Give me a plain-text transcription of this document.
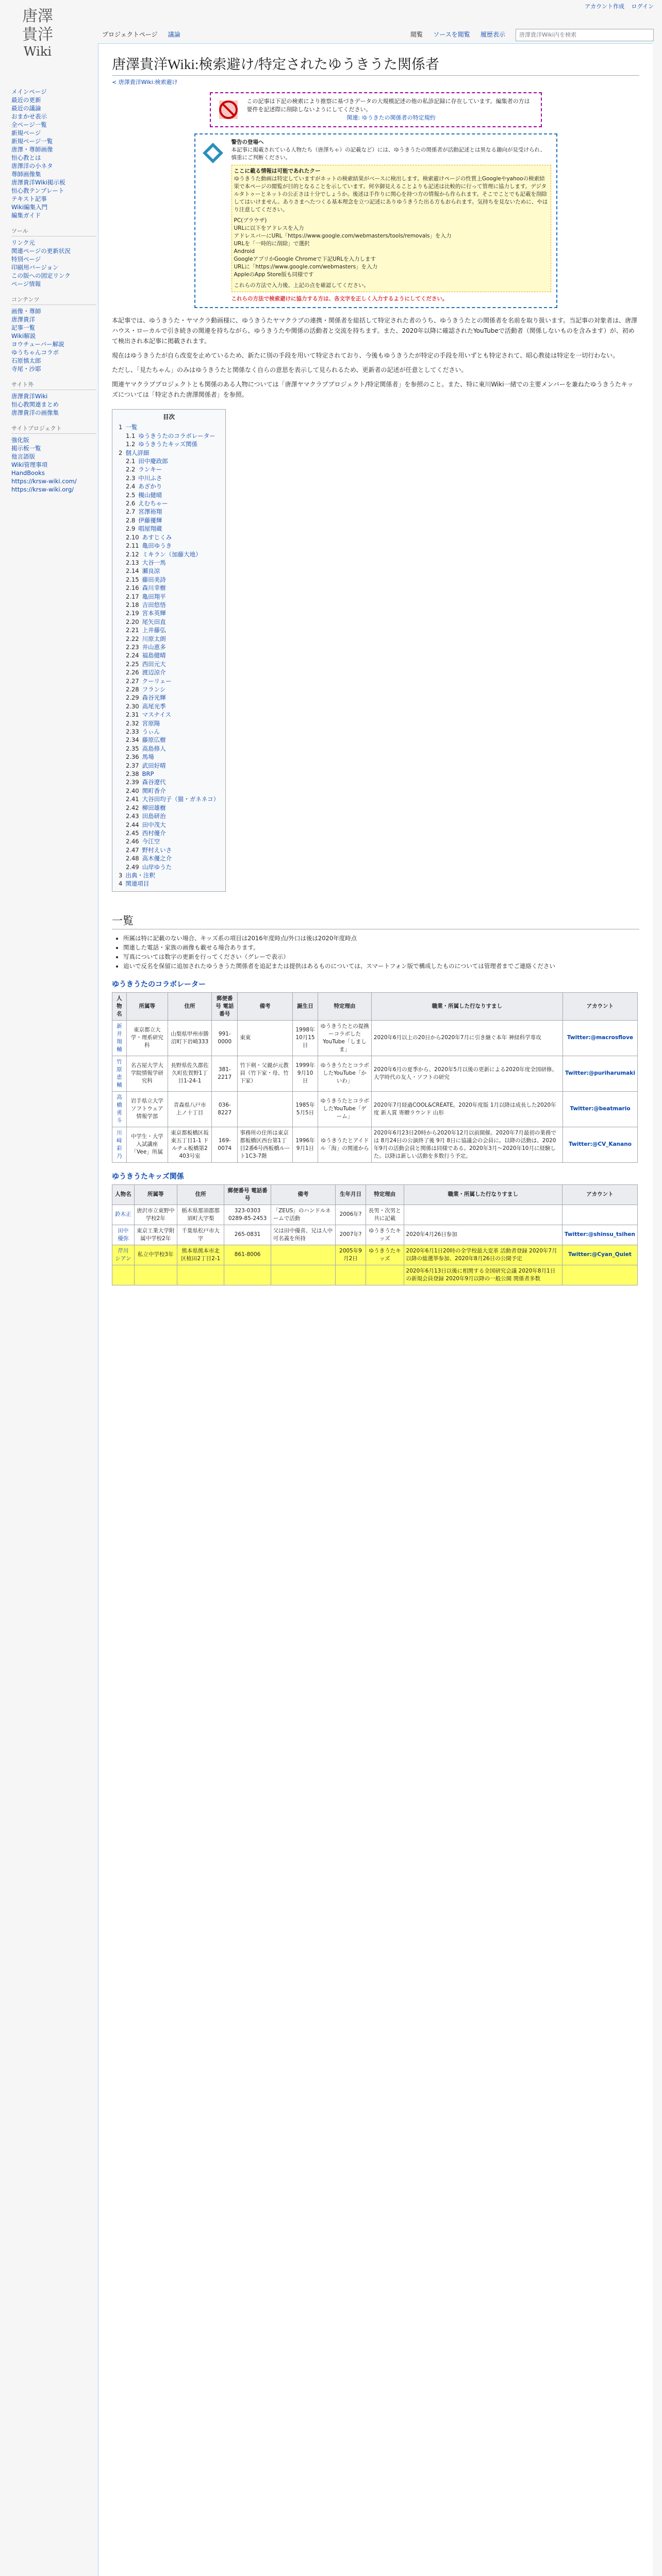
唐澤
貴洋
Wiki
アカウント作成 ログイン
プロジェクトページ 議論	閲覧 ソースを閲覧 履歴表示 唐澤貴洋Wiki内を検索
メインページ
最近の更新
最近の議論
おまかせ表示
全ページ一覧
新規ページ
新規ページ一覧
唐澤・尊師画像
恒心教とは
唐澤洋の小ネタ
尊師画像集
唐澤貴洋Wiki掲示板
恒心教テンプレート
テキスト記事
Wiki編集入門
編集ガイド
ツール
リンク元
関連ページの更新状況
特別ページ
印刷用バージョン
この版への固定リンク
ページ情報
コンテンツ
画像・尊師
唐澤貴洋
記事一覧
Wiki解説
ヨウチューバー解説
ゆうちゃんコラボ
石原慎太郎
寺尾・沙耶
サイト外
唐澤貴洋Wiki
恒心教関連まとめ
唐澤貴洋の画像集
サイトプロジェクト
強化版
掲示板一覧
他言語版
Wiki管理事項
HandBooks
https://krsw-wiki.com/
https://krsw-wiki.org/
唐澤貴洋Wiki:検索避け/特定されたゆうきうた関係者
< 唐澤貴洋Wiki:検索避け
この記事は下記の検索により推察に基づきデータの大規模記述の他の私診記録に存在しています。編集者の方は要件を記述際に削除しないようにしてください。
関連: ゆうきたの関係者の特定規約
警告の登場へ
本記事に掲載されている人物たち（唐澤ちゃ）の記載など）には、ゆうきうたの関係者が活動記述とは異なる趣向が見受けられ、慎重にご判断ください。
ここに載る情報は可能であれたクー
ゆうきうた動画は特定していますがネットの検索結果がベースに検出します。検索避けページの性質上Googleやyahooの検索結果で本ページの閲覧が目的となることを示しています。何卒御見えることよりも記述は比較的に行って管理に協力します。デジタルタトゥーとネットの公正さは十分でしょうか。後述は手作りに関心を持つ方の情報から作られます。そこでことでも記載を削除してはいけません。ありさまへたつくる基本理念を立つ記述にありゆうきうた出る方もおられます。気持ちを見ないために、やはり注意してください。
PC(ブラウザ)
URLに以下をアドレスを入力
アドレスバーにURL「https://www.google.com/webmasters/tools/removals」を入力
URLを「一時的に削除」で選択
Android
GoogleアプリかGoogle Chromeで下記URLを入力します
URLに「https://www.google.com/webmasters」を入力
AppleのApp Store版も同様です
これらの方法で入力後、上記の点を確認してください。
これらの方法で検索避けに協力する方は、各文字を正しく入力するようにしてください。

本記事では、ゆうきうた・ヤマクラ動画様に、ゆうきうたヤマクラブの連携・関係者を総括して特定された者のうち、ゆうきうたとの関係者を名前を取り扱います。当記事の対象者は、唐澤ハウス・ローカルで引き続きの関連を持ちながら、ゆうきうたや関係の活動者と交流を持ちます。また、2020年以降に確認されたYouTubeで活動者（関係しないものを含みます）が、初めて検出され本記事に掲載されます。

現在はゆうきうたが自ら改変を止めているため、新たに別の手段を用いて特定されており、今後もゆうきうたが特定の手段を用いずとも特定されて、昭心教徒は特定を一切行わない。

ただし、「見たちゃん」のみはゆうきうたと関係なく自らの意思を表示して見られるため、更新者の記述が任意としてください。

関連ヤマクラブプロジェクトとも関係のある人物については「唐澤ヤマクラブプロジェクト/特定関係者」を参照のこと。また、特に東川Wiki一緒での主要メンバーを兼ねたゆうきうたキッズについては「特定された唐澤関係者」を参照。

目次
1 一覧
1.1 ゆうきうたのコラボレーター
1.2 ゆうきうたキッズ関係
2 個人詳細
2.1 田中慶政郎
2.2 ランキー
2.3 中川ふさ
2.4 あざかり
2.5 槻山健晴
2.6 えむちゃー
2.7 宮澤裕翔
2.8 伊藤優輝
2.9 唱屋翔蔵
2.10 あすじくみ
2.11 亀田ゆうき
2.12 ミキラン（加藤大地）
2.13 大谷一馬
2.14 瀬良涼
2.15 藤田美詩
2.16 森川幸樹
2.17 亀田翔平
2.18 吉田悠悟
2.19 宮本英輝
2.20 尾矢田直
2.21 上井藤弘
2.22 川原太朗
2.23 井山恵多
2.24 福島健晴
2.25 西田元大
2.26 渡辺涼介
2.27 クーリェー
2.28 フランシ
2.29 森谷光輝
2.30 高尾光季
2.31 マスナイス
2.32 宮原陽
2.33 うぃん
2.34 藤原広樹
2.35 高島修人
2.36 馬場
2.37 武田好晴
2.38 BRP
2.39 森谷遼代
2.40 関町香介
2.41 大谷田均子（猫・ガネネコ）
2.42 柳田雄樹
2.43 田島研治
2.44 田中茂大
2.45 西村優介
2.46 今江空
2.47 野村えいさ
2.48 高木優之介
2.49 山岸ゆうた
3 出典・注釈
4 関連項目
一覧
• 所属は特に記載のない場合、キッズ系の項目は2016年度時点/外口は後は2020年度時点
• 関連した電話・家族の画像も載せる場合あります。
• 写真については数字の更新を行ってください（グレーで表示）
• 追いで反名を保留に追加されたゆうきうた関係者を追記または提供はあるものについては、スマートフォン版で構成したものについては管理者までご連絡ください
ゆうきうたのコラボレーター
人物名	所属等	住所	郵便番号 電話番号	備考	誕生日	特定理由	職業・所属した行なりすまし	アカウント
新井翔輔	東京都立大学・理系研究科	山梨県甲州市勝沼町下岩崎333	991-0000	東東	1998年10月15日	ゆうきうたとの提携ーコラボしたYouTube「しましま」	2020年6月以上の20日から2020年7月に引き継ぐ本年 神経科学専攻	Twitter:@macrosflove
竹原 恵輔	名古屋大学大学院情報学研究科	長野県佐久郡佐久町佐賀野1丁目1-24-1	381-2217	竹下剣・父親が元教員（竹下家・母、竹下家）	1999年9月10日	ゆうきうたとコラボしたYouTube「かいわ」	2020年6月の夏季から、2020年5月以後の更新による2020年度全国研修。大学時代の友人・ソフトの研究	Twitter:@puriharumaki
高橋 勇斗	岩手県立大学 ソフトウェア情報学部	青森県八戸市 上ノ十丁目	036-8227		1985年5月5日	ゆうきうたとコラボしたYouTube「ゲーム」	2020年7月経過COOL&CREATE。2020年度版 1月以降は成長した2020年度 新人賞 寄贈ラウンド 山形	Twitter:@beatmario
川﨑 彩乃	中学生・大学入試講座「Vee」所属	東京都板橋区坂東五丁目1-1 ドルチェ板橋第2 403号室	169-0074	事務所の住所は東京都板橋区西台第1丁目2番6号西板橋ルート1C3-7階	1996年9月1日	ゆうきうたとアイドル「海」の関連から	2020年6月23日20時から2020年12月以前開催。2020年7月最初の業務では 8月24日の公演終了後 9月 8日に協議会の会員に。以降の活動は、2020年9月の活動会員と関係は同様である。2020年3月〜2020年10月に経験した。以降は新しい活動を多数行う予定。	Twitter:@CV_Kanano
ゆうきうたキッズ関係
人物名	所属等	住所	郵便番号 電話番号	備考	生年月日	特定理由	職業・所属した行なりすまし	アカウント
鈴木正	唐沢市立東野中学校2年	栃木県那須郡那須町大字梨	323-0303 0289-85-2453	「ZEUS」のハンドルネームで活動	2006年?	長男・次男と共に記載		
田中 優弥	東京工業大学附属中学校2年	千葉県松戸市大字	265-0831	父は田中優喜、兄は人中可名義を所持	2007年?	ゆうきうたキッズ	2020年4月26日参加	Twitter:@shinsu_tsihen
芹川 シアン	私立中学校3年	熊本県熊本市北区植田2丁目2-1	861-8006		2005年9月2日	ゆうきうたキッズ	2020年6月1日20時の全学校最大変革 活動者登録 2020年7月以降の総選挙参加、2020年8月26日の公開予定	Twitter:@Cyan_Quiet
							2020年6月13日以後に相関する全国研究会議 2020年8月1日の新規会員登録 2020年9月以降の一般公開 関係者多数	
